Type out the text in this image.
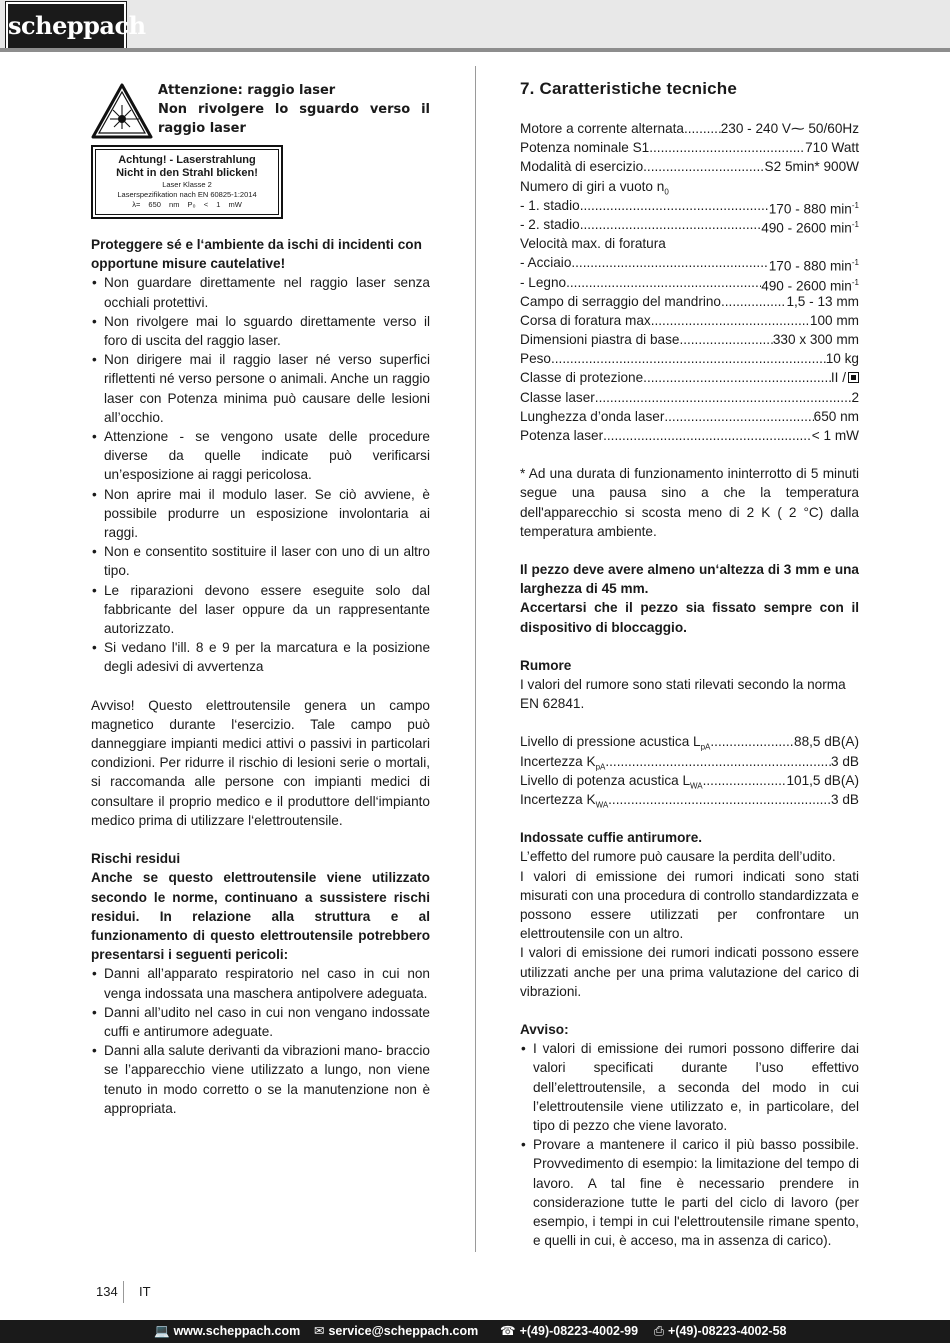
scheppach
Attenzione: raggio laser
Non rivolgere lo sguardo verso il
raggio laser
Achtung! - Laserstrahlung
Nicht in den Strahl blicken!
Laser Klasse 2
Laserspezifikation nach EN 60825-1:2014
λ= 650 nm P₀ < 1 mW

Proteggere sé e l‘ambiente da ischi di incidenti con opportune misure cautelative!

• Non guardare direttamente nel raggio laser senza occhiali protettivi.
• Non rivolgere mai lo sguardo direttamente verso il foro di uscita del raggio laser.
• Non dirigere mai il raggio laser né verso superfici riflettenti né verso persone o animali. Anche un raggio laser con Potenza minima può causare delle lesioni all’occhio.
• Attenzione - se vengono usate delle procedure diverse da quelle indicate può verificarsi un’esposizione ai raggi pericolosa.
• Non aprire mai il modulo laser. Se ciò avviene, è possibile produrre un esposizione involontaria ai raggi.
• Non e consentito sostituire il laser con uno di un altro tipo.
• Le riparazioni devono essere eseguite solo dal fabbricante del laser oppure da un rappresentante autorizzato.
• Si vedano l'ill. 8 e 9 per la marcatura e la posizione degli adesivi di avvertenza

Avviso! Questo elettroutensile genera un campo magnetico durante l‘esercizio. Tale campo può danneggiare impianti medici attivi o passivi in particolari condizioni. Per ridurre il rischio di lesioni serie o mortali, si raccomanda alle persone con impianti medici di consultare il proprio medico e il produttore dell‘impianto medico prima di utilizzare l‘elettroutensile.

Rischi residui

Anche se questo elettroutensile viene utilizzato secondo le norme, continuano a sussistere rischi residui. In relazione alla struttura e al funzionamento di questo elettroutensile potrebbero presentarsi i seguenti pericoli:

• Danni all’apparato respiratorio nel caso in cui non venga indossata una maschera antipolvere adeguata.
• Danni all’udito nel caso in cui non vengano indossate cuffi e antirumore adeguate.
• Danni alla salute derivanti da vibrazioni mano- braccio se l’apparecchio viene utilizzato a lungo, non viene tenuto in modo corretto o se la manutenzione non è appropriata.
7. Caratteristiche tecniche
Motore a corrente alternata .....	230 - 240 V⁓ 50/60Hz
Potenza nominale S1 .....	710 Watt
Modalità di esercizio .....	S2 5min* 900W
Numero di giri a vuoto $n_0$
- 1. stadio .....	170 - 880 $\min^{-1}$
- 2. stadio .....	490 - 2600 $\min^{-1}$
Velocità max. di foratura
- Acciaio .....	170 - 880 $\min^{-1}$
- Legno .....	490 - 2600 $\min^{-1}$
Campo di serraggio del mandrino .....	1,5 - 13 mm
Corsa di foratura max. .....	100 mm
Dimensioni piastra di base .....	330 x 300 mm
Peso .....	10 kg
Classe di protezione .....	II /
Classe laser .....	2
Lunghezza d’onda laser .....	650 nm
Potenza laser .....	< 1 mW

* Ad una durata di funzionamento ininterrotto di 5 minuti segue una pausa sino a che la temperatura dell'apparecchio si scosta meno di 2 K ( 2 °C) dalla temperatura ambiente.

Il pezzo deve avere almeno un‘altezza di 3 mm e una larghezza di 45 mm.

Accertarsi che il pezzo sia fissato sempre con il dispositivo di bloccaggio.

Rumore

I valori del rumore sono stati rilevati secondo la norma EN 62841.

Livello di pressione acustica $L_{pA}$ .....	88,5 dB(A)
Incertezza $K_{pA}$ .....	3 dB
Livello di potenza acustica $L_{WA}$ .....	101,5 dB(A)
Incertezza $K_{WA}$ .....	3 dB

Indossate cuffie antirumore.

L’effetto del rumore può causare la perdita dell’udito.

I valori di emissione dei rumori indicati sono stati misurati con una procedura di controllo standardizzata e possono essere utilizzati per confrontare un elettroutensile con un altro.

I valori di emissione dei rumori indicati possono essere utilizzati anche per una prima valutazione del carico di vibrazioni.

Avviso:

• I valori di emissione dei rumori possono differire dai valori specificati durante l’uso effettivo dell’elettroutensile, a seconda del modo in cui l’elettroutensile viene utilizzato e, in particolare, del tipo di pezzo che viene lavorato.
• Provare a mantenere il carico il più basso possibile. Provvedimento di esempio: la limitazione del tempo di lavoro. A tal fine è necessario prendere in considerazione tutte le parti del ciclo di lavoro (per esempio, i tempi in cui l'elettroutensile rimane spento, e quelli in cui, è acceso, ma in assenza di carico).
134 IT
💻 www.scheppach.com ✉ service@scheppach.com ☎ +(49)-08223-4002-99 ⎙ +(49)-08223-4002-58
